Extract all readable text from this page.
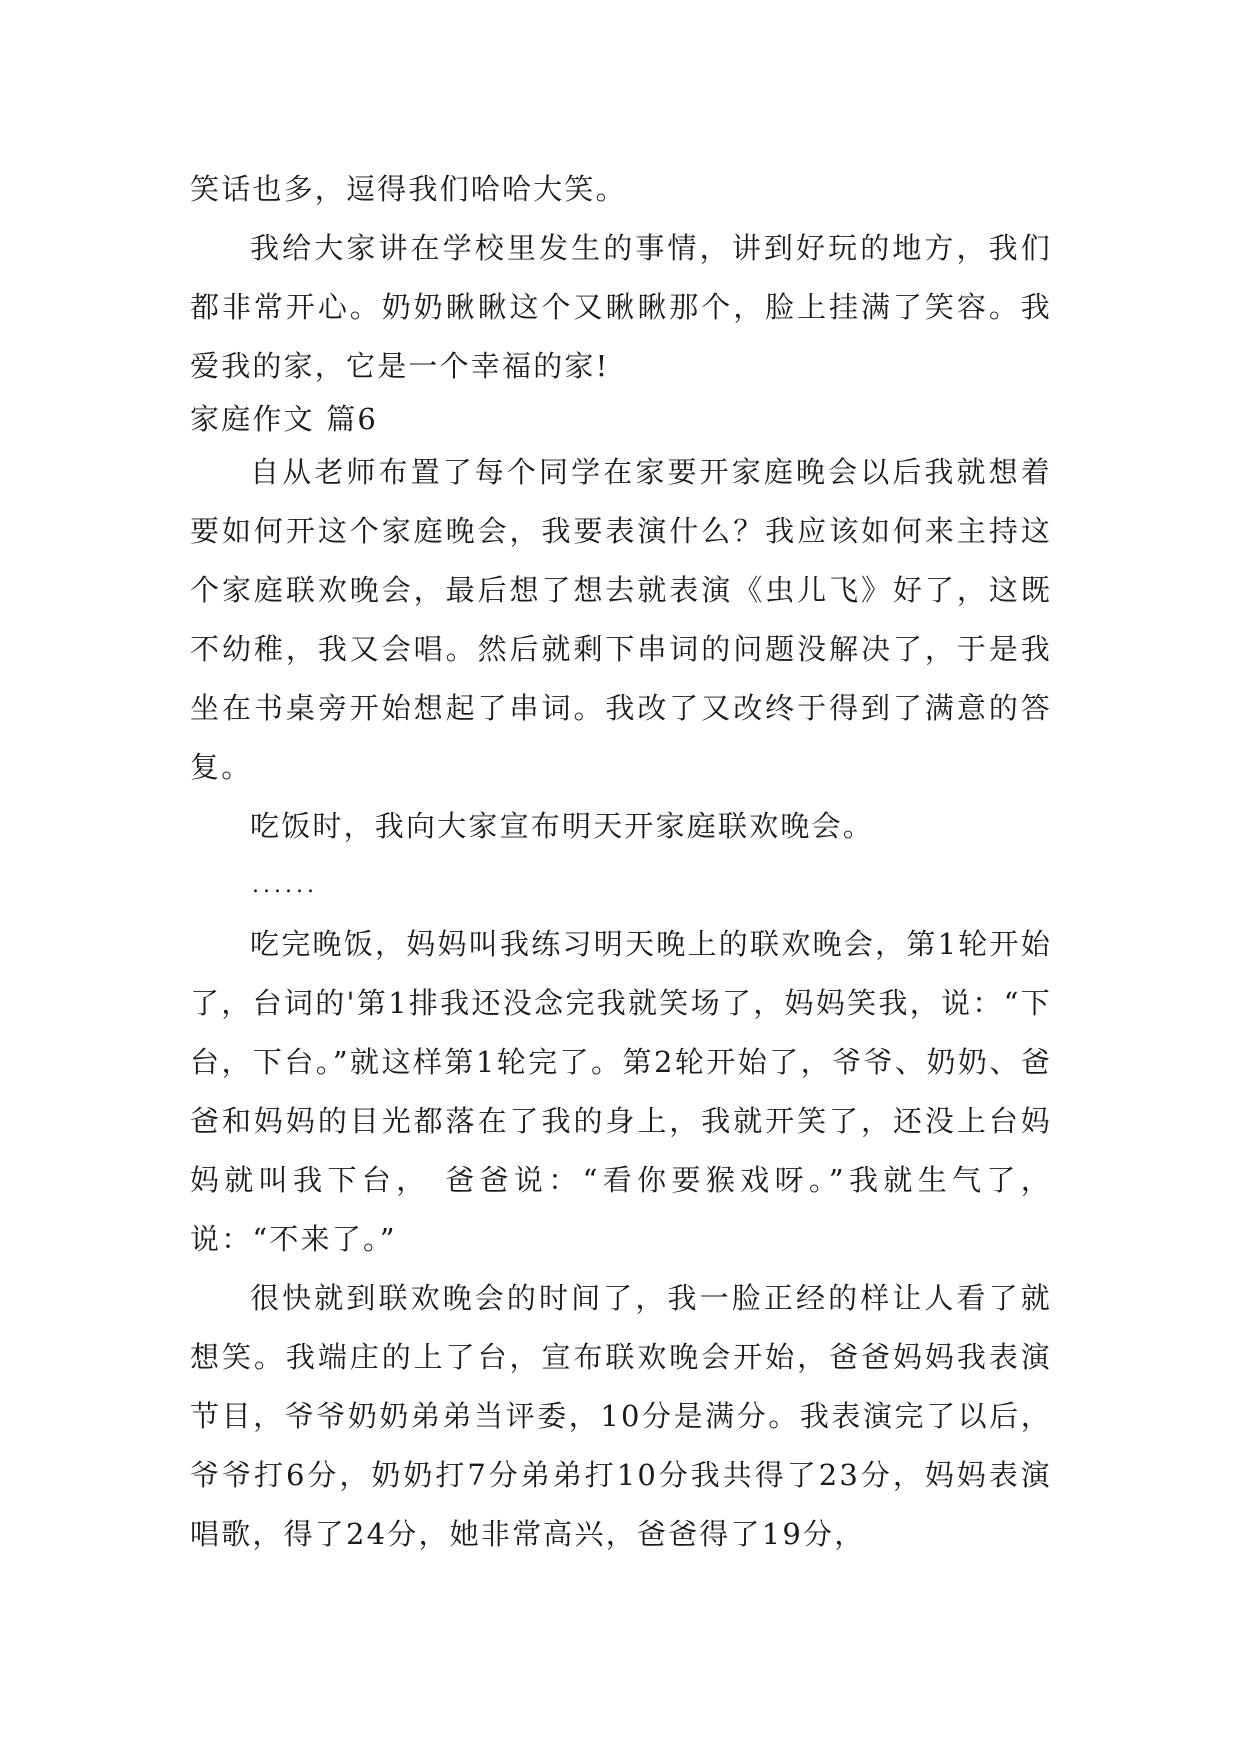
笑话也多，逗得我们哈哈大笑。

我给大家讲在学校里发生的事情，讲到好玩的地方，我们都非常开心。奶奶瞅瞅这个又瞅瞅那个，脸上挂满了笑容。我爱我的家，它是一个幸福的家!

家庭作文 篇6

自从老师布置了每个同学在家要开家庭晚会以后我就想着要如何开这个家庭晚会，我要表演什么？我应该如何来主持这个家庭联欢晚会，最后想了想去就表演《虫儿飞》好了，这既不幼稚，我又会唱。然后就剩下串词的问题没解决了，于是我坐在书桌旁开始想起了串词。我改了又改终于得到了满意的答复。

吃饭时，我向大家宣布明天开家庭联欢晚会。

......

吃完晚饭，妈妈叫我练习明天晚上的联欢晚会，第1轮开始了，台词的'第1排我还没念完我就笑场了，妈妈笑我，说：“下台，下台。”就这样第1轮完了。第2轮开始了，爷爷、奶奶、爸爸和妈妈的目光都落在了我的身上，我就开笑了，还没上台妈妈就叫我下台， 爸爸说：“看你要猴戏呀。”我就生气了，说：“不来了。”

很快就到联欢晚会的时间了，我一脸正经的样让人看了就想笑。我端庄的上了台，宣布联欢晚会开始，爸爸妈妈我表演节目，爷爷奶奶弟弟当评委，10分是满分。我表演完了以后，爷爷打6分，奶奶打7分弟弟打10分我共得了23分，妈妈表演唱歌，得了24分，她非常高兴，爸爸得了19分，
